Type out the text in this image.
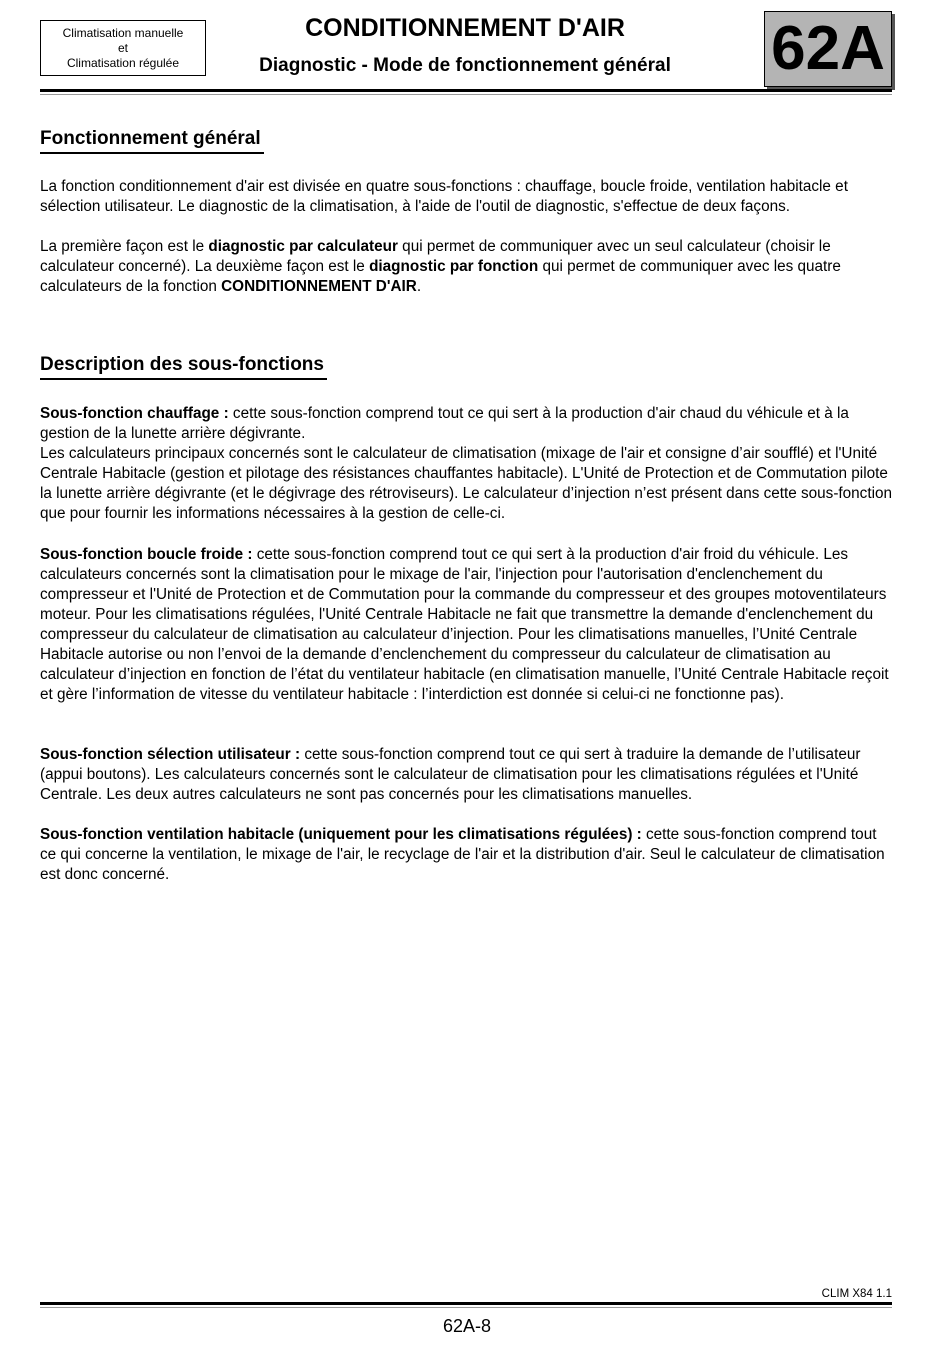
Climatisation manuelle
et
Climatisation régulée
CONDITIONNEMENT D'AIR
Diagnostic - Mode de fonctionnement général	62A
Fonctionnement général

La fonction conditionnement d'air est divisée en quatre sous-fonctions : chauffage, boucle froide, ventilation habitacle et sélection utilisateur. Le diagnostic de la climatisation, à l'aide de l'outil de diagnostic, s'effectue de deux façons.

La première façon est le diagnostic par calculateur qui permet de communiquer avec un seul calculateur (choisir le calculateur concerné). La deuxième façon est le diagnostic par fonction qui permet de communiquer avec les quatre calculateurs de la fonction CONDITIONNEMENT D'AIR.

Description des sous-fonctions

Sous-fonction chauffage : cette sous-fonction comprend tout ce qui sert à la production d'air chaud du véhicule et à la gestion de la lunette arrière dégivrante.

Les calculateurs principaux concernés sont le calculateur de climatisation (mixage de l'air et consigne d’air soufflé) et l'Unité Centrale Habitacle (gestion et pilotage des résistances chauffantes habitacle). L'Unité de Protection et de Commutation pilote la lunette arrière dégivrante (et le dégivrage des rétroviseurs). Le calculateur d’injection n’est présent dans cette sous-fonction que pour fournir les informations nécessaires à la gestion de celle-ci.

Sous-fonction boucle froide : cette sous-fonction comprend tout ce qui sert à la production d'air froid du véhicule. Les calculateurs concernés sont la climatisation pour le mixage de l'air, l'injection pour l'autorisation d'enclenchement du compresseur et l'Unité de Protection et de Commutation pour la commande du compresseur et des groupes motoventilateurs moteur. Pour les climatisations régulées, l'Unité Centrale Habitacle ne fait que transmettre la demande d'enclenchement du compresseur du calculateur de climatisation au calculateur d’injection. Pour les climatisations manuelles, l’Unité Centrale Habitacle autorise ou non l’envoi de la demande d’enclenchement du compresseur du calculateur de climatisation au calculateur d’injection en fonction de l’état du ventilateur habitacle (en climatisation manuelle, l’Unité Centrale Habitacle reçoit et gère l’information de vitesse du ventilateur habitacle : l’interdiction est donnée si celui-ci ne fonctionne pas).

Sous-fonction sélection utilisateur : cette sous-fonction comprend tout ce qui sert à traduire la demande de l’utilisateur (appui boutons). Les calculateurs concernés sont le calculateur de climatisation pour les climatisations régulées et l'Unité Centrale. Les deux autres calculateurs ne sont pas concernés pour les climatisations manuelles.

Sous-fonction ventilation habitacle (uniquement pour les climatisations régulées) : cette sous-fonction comprend tout ce qui concerne la ventilation, le mixage de l'air, le recyclage de l'air et la distribution d'air. Seul le calculateur de climatisation est donc concerné.

CLIM X84 1.1
62A-8
